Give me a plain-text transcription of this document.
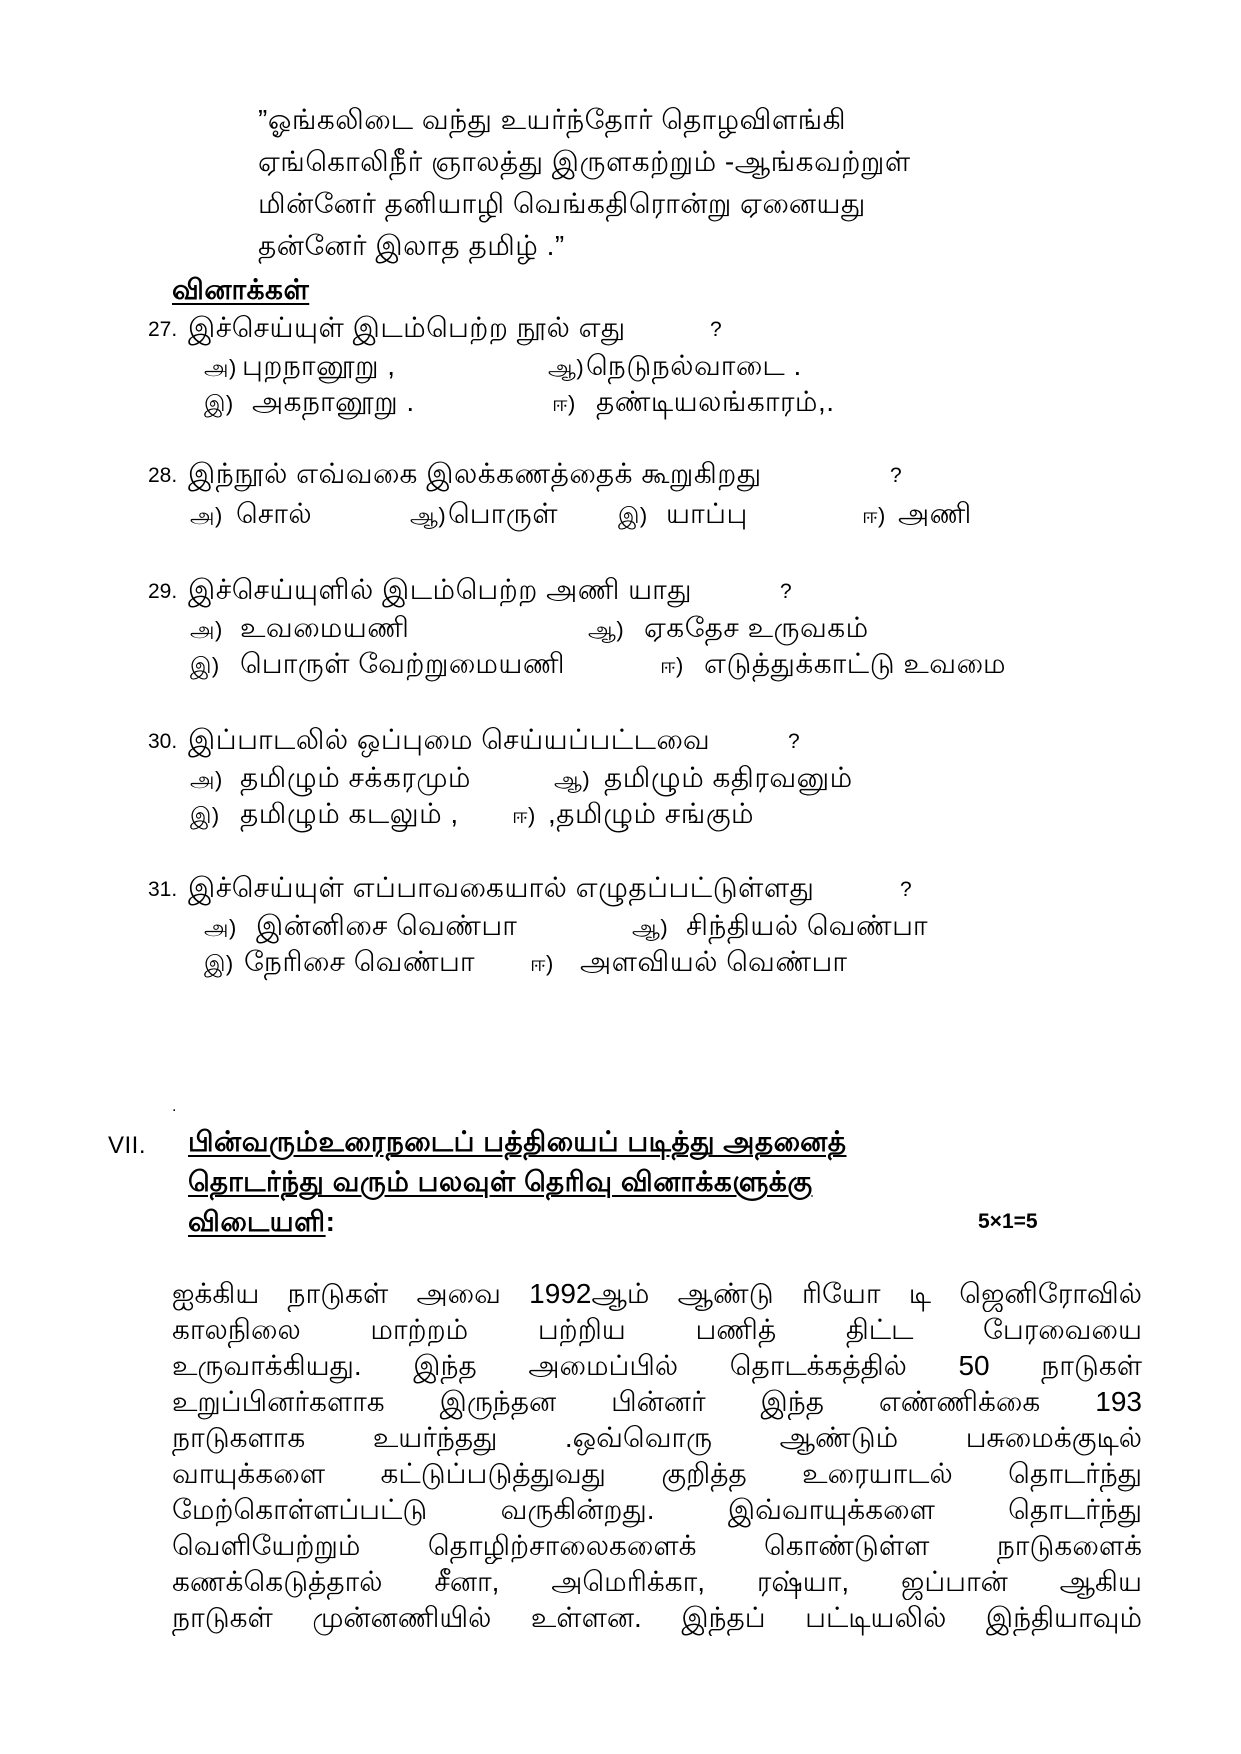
”ஓங்கலிடை வந்து உயர்ந்தோர் தொழவிளங்கி
ஏங்கொலிநீர் ஞாலத்து இருளகற்றும் -ஆங்கவற்றுள்
மின்னேர் தனியாழி வெங்கதிரொன்று ஏனையது
தன்னேர் இலாத தமிழ் .”
வினாக்கள்
27. இச்செய்யுள் இடம்பெற்ற நூல் எது	?
அ) புறநானூறு ,	ஆ) நெடுநல்வாடை .
இ) அகநானூறு .	ஈ) தண்டியலங்காரம்,.
28. இந்நூல் எவ்வகை இலக்கணத்தைக் கூறுகிறது	?
அ) சொல்	ஆ) பொருள்	இ) யாப்பு	ஈ) அணி
29. இச்செய்யுளில் இடம்பெற்ற அணி யாது	?
அ) உவமையணி	ஆ) ஏகதேச உருவகம்
இ) பொருள் வேற்றுமையணி	ஈ) எடுத்துக்காட்டு உவமை
30. இப்பாடலில் ஒப்புமை செய்யப்பட்டவை	?
அ) தமிழும் சக்கரமும்	ஆ) தமிழும் கதிரவனும்
இ) தமிழும் கடலும் , ஈ) ,தமிழும் சங்கும்
31. இச்செய்யுள் எப்பாவகையால் எழுதப்பட்டுள்ளது	?
அ) இன்னிசை வெண்பா	ஆ) சிந்தியல் வெண்பா
இ) நேரிசை வெண்பா	ஈ) அளவியல் வெண்பா
.
VII. பின்வரும்உரைநடைப் பத்தியைப் படித்து அதனைத்
தொடர்ந்து வரும் பலவுள் தெரிவு வினாக்களுக்கு
விடையளி:	5×1=5
ஐக்கிய நாடுகள் அவை 1992ஆம் ஆண்டு ரியோ டி ஜெனிரோவில்
காலநிலை மாற்றம் பற்றிய பணித் திட்ட பேரவையை
உருவாக்கியது. இந்த அமைப்பில் தொடக்கத்தில் 50 நாடுகள்
உறுப்பினர்களாக இருந்தன பின்னர் இந்த எண்ணிக்கை 193
நாடுகளாக உயர்ந்தது .ஒவ்வொரு ஆண்டும் பசுமைக்குடில்
வாயுக்களை கட்டுப்படுத்துவது குறித்த உரையாடல் தொடர்ந்து
மேற்கொள்ளப்பட்டு வருகின்றது. இவ்வாயுக்களை தொடர்ந்து
வெளியேற்றும் தொழிற்சாலைகளைக் கொண்டுள்ள நாடுகளைக்
கணக்கெடுத்தால் சீனா, அமெரிக்கா, ரஷ்யா, ஜப்பான் ஆகிய
நாடுகள் முன்னணியில் உள்ளன. இந்தப் பட்டியலில் இந்தியாவும்
